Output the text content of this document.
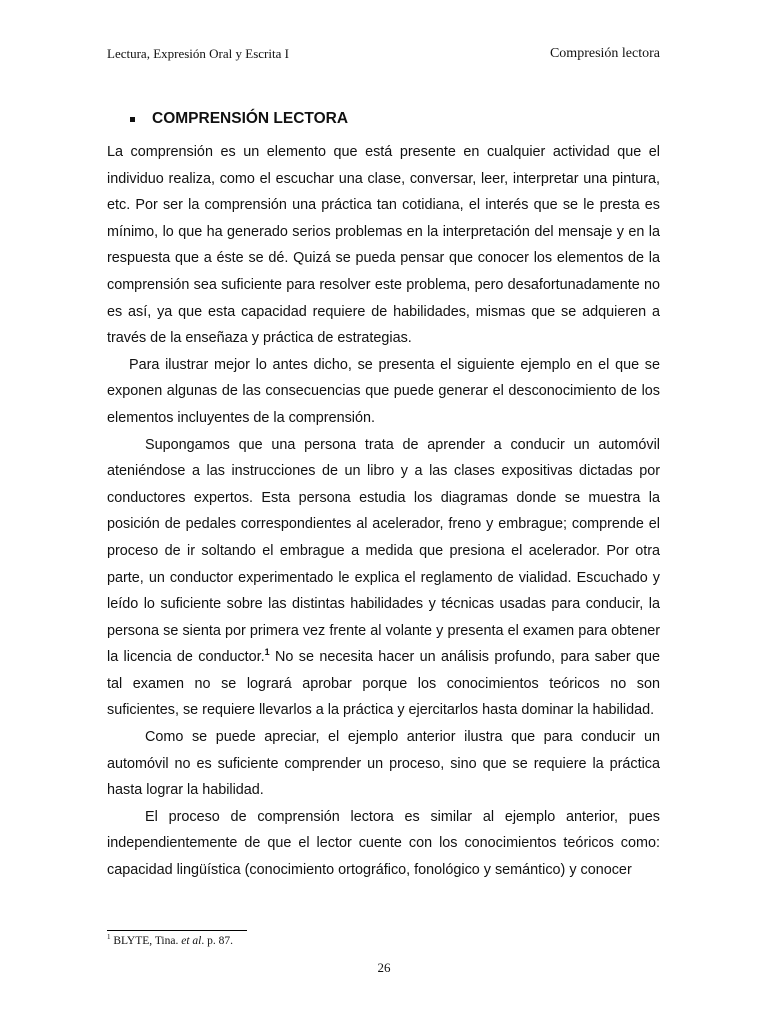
Lectura, Expresión Oral y Escrita I	Compresión lectora
COMPRENSIÓN LECTORA

La comprensión es un elemento que está presente en cualquier actividad que el individuo realiza, como el escuchar una clase, conversar, leer, interpretar una pintura, etc. Por ser la comprensión una práctica tan cotidiana, el interés que se le presta es mínimo, lo que ha generado serios problemas en la interpretación del mensaje y en la respuesta que a éste se dé. Quizá se pueda pensar que conocer los elementos de la comprensión sea suficiente para resolver este problema, pero desafortunadamente no es así, ya que esta capacidad requiere de habilidades, mismas que se adquieren a través de la enseñaza y práctica de estrategias.

Para ilustrar mejor lo antes dicho, se presenta el siguiente ejemplo en el que se exponen algunas de las consecuencias que puede generar el desconocimiento de los elementos incluyentes de la comprensión.

Supongamos que una persona trata de aprender a conducir un automóvil ateniéndose a las instrucciones de un libro y a las clases expositivas dictadas por conductores expertos. Esta persona estudia los diagramas donde se muestra la posición de pedales correspondientes al acelerador, freno y embrague; comprende el proceso de ir soltando el embrague a medida que presiona el acelerador. Por otra parte, un conductor experimentado le explica el reglamento de vialidad. Escuchado y leído lo suficiente sobre las distintas habilidades y técnicas usadas para conducir, la persona se sienta por primera vez frente al volante y presenta el examen para obtener la licencia de conductor.$^1$ No se necesita hacer un análisis profundo, para saber que tal examen no se logrará aprobar porque los conocimientos teóricos no son suficientes, se requiere llevarlos a la práctica y ejercitarlos hasta dominar la habilidad.

Como se puede apreciar, el ejemplo anterior ilustra que para conducir un automóvil no es suficiente comprender un proceso, sino que se requiere la práctica hasta lograr la habilidad.

El proceso de comprensión lectora es similar al ejemplo anterior, pues independientemente de que el lector cuente con los conocimientos teóricos como: capacidad lingüística (conocimiento ortográfico, fonológico y semántico) y conocer

$^1$ BLYTE, Tina. et al. p. 87.
26
